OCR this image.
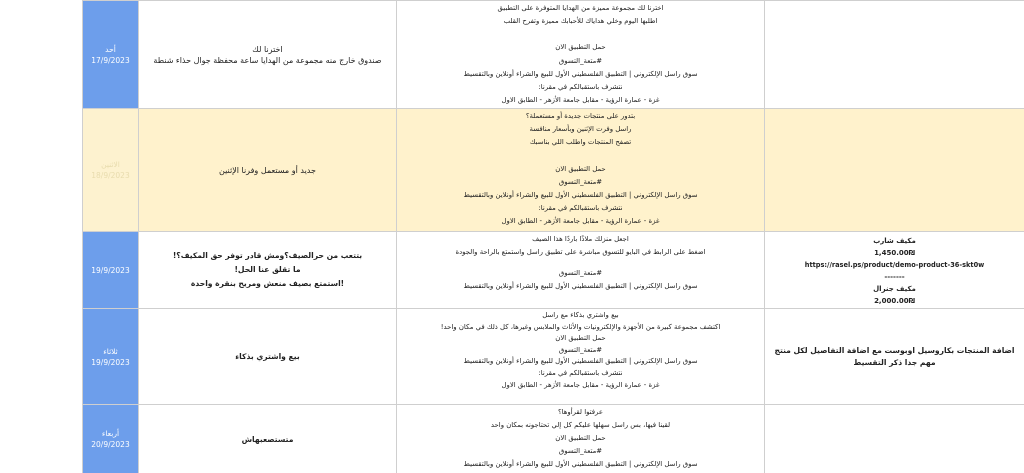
أحد
17/9/2023
اخترنا لك
صندوق خارج منه مجموعة من الهدايا ساعة محفظة جوال حذاء شنطة
اخترنا لك مجموعة مميزة من الهدايا المتوفرة على التطبيق
اطلبها اليوم وخلي هداياك للأحبابك مميزة وتفرح القلب
حمل التطبيق الان
#متعة_التسوق
سوق راسل الإلكتروني | التطبيق الفلسطيني الأول للبيع والشراء أونلاين وبالتقسيط
نتشرف باستقبالكم في مقرنا:
غزة - عمارة الرؤية - مقابل جامعة الأزهر - الطابق الاول
الاثنين
18/9/2023
جديد أو مستعمل وفرنا الإثنين
بتدور على منتجات جديدة أو مستعملة؟
راسل وفرت الإثنين وبأسعار منافسة
تصفح المنتجات واطلب اللي بناسبك
حمل التطبيق الان
#متعة_التسوق
سوق راسل الإلكتروني | التطبيق الفلسطيني الأول للبيع والشراء أونلاين وبالتقسيط
نتشرف باستقبالكم في مقرنا:
غزة - عمارة الرؤية - مقابل جامعة الأزهر - الطابق الاول
19/9/2023
بتتعب من حرالصيف؟ومش قادر توفر حق المكيف؟!
ما تقلق عنا الحل!
!استمتع بصيف منعش ومريح بنقرة واحدة
اجعل منزلك ملاذًا باردًا هذا الصيف
اضغط على الرابط في البايو للتسوق مباشرة على تطبيق راسل واستمتع بالراحة والجودة
#متعة_التسوق
سوق راسل الإلكتروني | التطبيق الفلسطيني الأول للبيع والشراء أونلاين وبالتقسيط
مكيف شارب
1,450.00₪
https://rasel.ps/product/demo-product-36-skt0w
-------
مكيف جنرال
2,000.00₪
ثلاثاء
19/9/2023
بيع واشتري بذكاء
بيع واشتري بذكاء مع راسل
اكتشف مجموعة كبيرة من الأجهزة والإلكترونيات والأثاث والملابس وغيرها، كل ذلك في مكان واحد!
حمل التطبيق الان
#متعة_التسوق
سوق راسل الإلكتروني | التطبيق الفلسطيني الأول للبيع والشراء أونلاين وبالتقسيط
نتشرف باستقبالكم في مقرنا:
غزة - عمارة الرؤية - مقابل جامعة الأزهر - الطابق الاول
اضافة المنتجات بكاروسيل اوبوست مع اضافة التفاصيل لكل منتج
مهم جدا ذكر التقسيط
أربعاء
20/9/2023
متستصعبهاش
عرفتوا لقرأوها؟
لقينا فيها، بس راسل سهلها عليكم كل إلي تحتاجونه بمكان واحد
حمل التطبيق الان
#متعة_التسوق
سوق راسل الإلكتروني | التطبيق الفلسطيني الأول للبيع والشراء أونلاين وبالتقسيط
